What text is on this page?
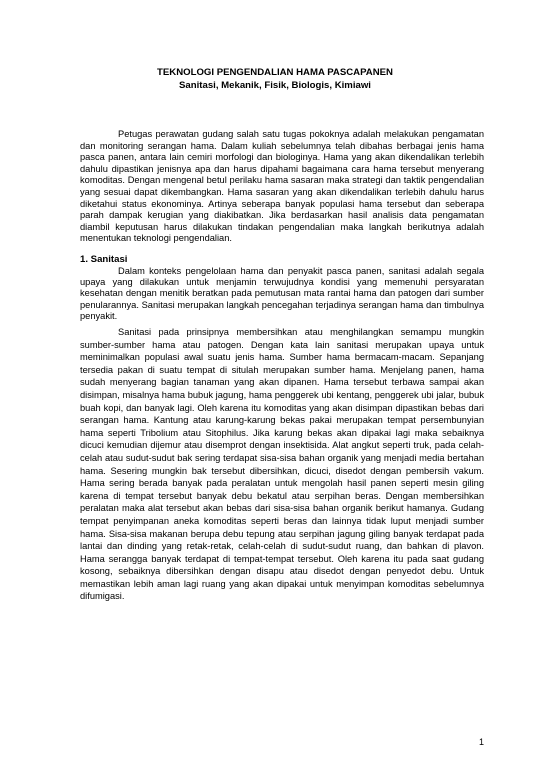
TEKNOLOGI PENGENDALIAN HAMA PASCAPANEN
Sanitasi, Mekanik, Fisik, Biologis, Kimiawi
Petugas perawatan gudang salah satu tugas pokoknya adalah melakukan pengamatan dan monitoring serangan hama. Dalam kuliah sebelumnya telah dibahas berbagai jenis hama pasca panen, antara lain cemiri morfologi dan biologinya. Hama yang akan dikendalikan terlebih dahulu dipastikan jenisnya apa dan harus dipahami bagaimana cara hama tersebut menyerang komoditas. Dengan mengenal betul perilaku hama sasaran maka strategi dan taktik pengendalian yang sesuai dapat dikembangkan. Hama sasaran yang akan dikendalikan terlebih dahulu harus diketahui status ekonominya. Artinya seberapa banyak populasi hama tersebut dan seberapa parah dampak kerugian yang diakibatkan. Jika berdasarkan hasil analisis data pengamatan diambil keputusan harus dilakukan tindakan pengendalian maka langkah berikutnya adalah menentukan teknologi pengendalian.
1. Sanitasi
Dalam konteks pengelolaan hama dan penyakit pasca panen, sanitasi adalah segala upaya yang dilakukan untuk menjamin terwujudnya kondisi yang memenuhi persyaratan kesehatan dengan menitik beratkan pada pemutusan mata rantai hama dan patogen dari sumber penularannya. Sanitasi merupakan langkah pencegahan terjadinya serangan hama dan timbulnya penyakit.
Sanitasi pada prinsipnya membersihkan atau menghilangkan semampu mungkin sumber-sumber hama atau patogen. Dengan kata lain sanitasi merupakan upaya untuk meminimalkan populasi awal suatu jenis hama. Sumber hama bermacam-macam. Sepanjang tersedia pakan di suatu tempat di situlah merupakan sumber hama. Menjelang panen, hama sudah menyerang bagian tanaman yang akan dipanen. Hama tersebut terbawa sampai akan disimpan, misalnya hama bubuk jagung, hama penggerek ubi kentang, penggerek ubi jalar, bubuk buah kopi, dan banyak lagi. Oleh karena itu komoditas yang akan disimpan dipastikan bebas dari serangan hama. Kantung atau karung-karung bekas pakai merupakan tempat persembunyian hama seperti Tribolium atau Sitophilus. Jika karung bekas akan dipakai lagi maka sebaiknya dicuci kemudian dijemur atau disemprot dengan insektisida. Alat angkut seperti truk, pada celah-celah atau sudut-sudut bak sering terdapat sisa-sisa bahan organik yang menjadi media bertahan hama. Sesering mungkin bak tersebut dibersihkan, dicuci, disedot dengan pembersih vakum. Hama sering berada banyak pada peralatan untuk mengolah hasil panen seperti mesin giling karena di tempat tersebut banyak debu bekatul atau serpihan beras. Dengan membersihkan peralatan maka alat tersebut akan bebas dari sisa-sisa bahan organik berikut hamanya. Gudang tempat penyimpanan aneka komoditas seperti beras dan lainnya tidak luput menjadi sumber hama. Sisa-sisa makanan berupa debu tepung atau serpihan jagung giling banyak terdapat pada lantai dan dinding yang retak-retak, celah-celah di sudut-sudut ruang, dan bahkan di plavon. Hama serangga banyak terdapat di tempat-tempat tersebut. Oleh karena itu pada saat gudang kosong, sebaiknya dibersihkan dengan disapu atau disedot dengan penyedot debu. Untuk memastikan lebih aman lagi ruang yang akan dipakai untuk menyimpan komoditas sebelumnya difumigasi.
1
